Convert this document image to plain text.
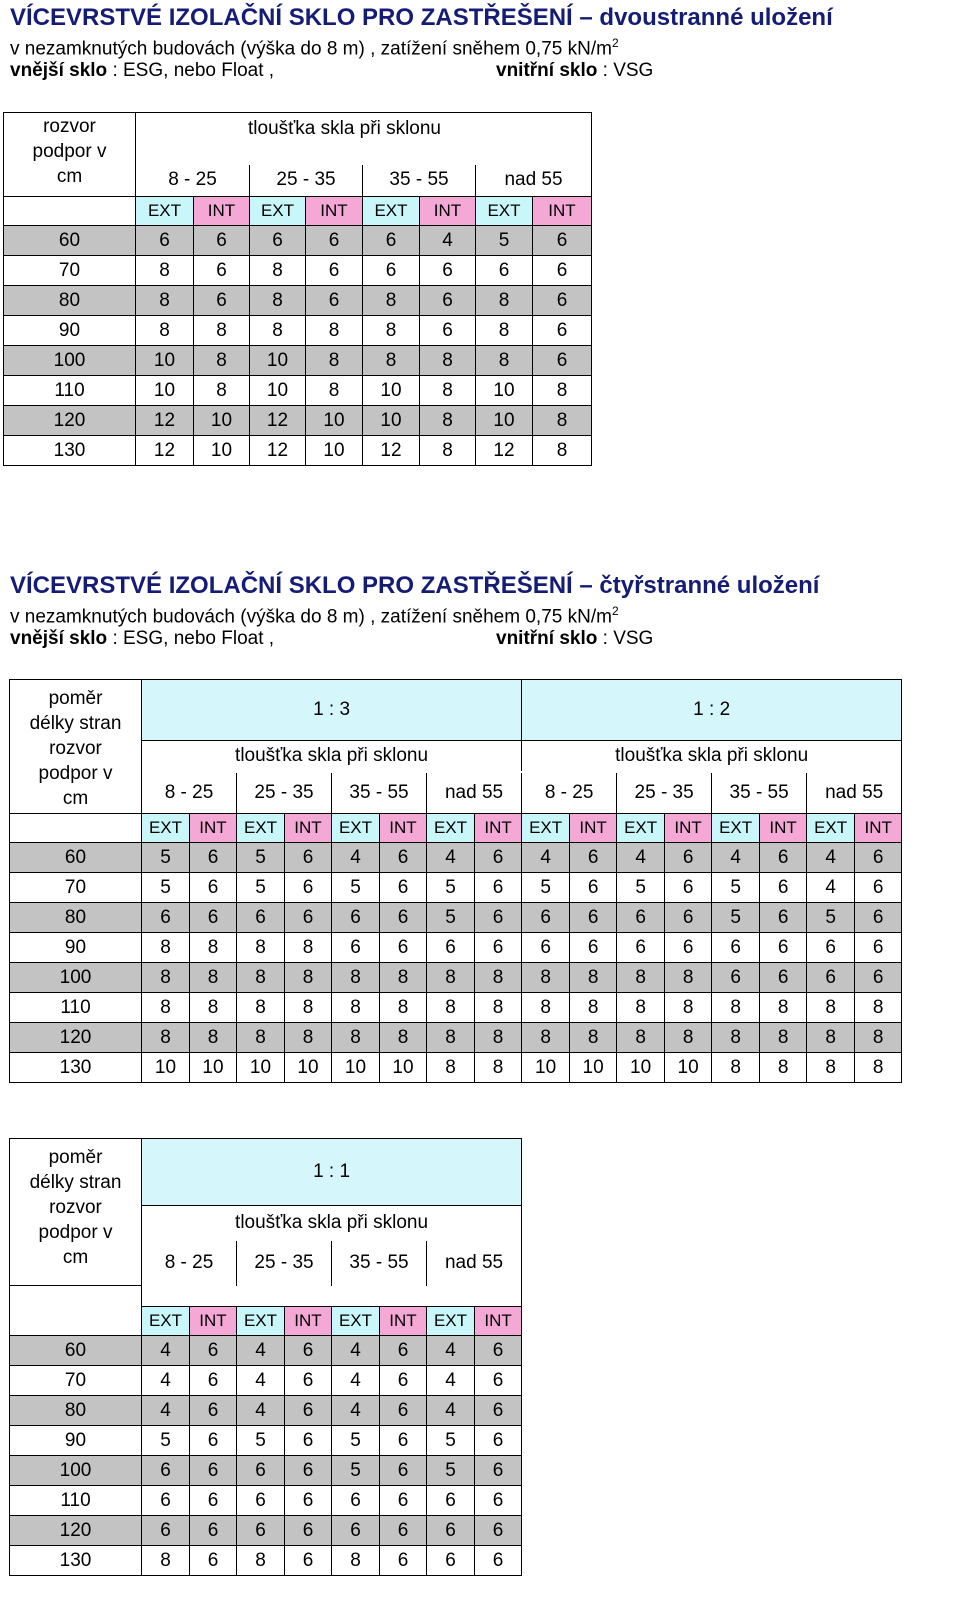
VÍCEVRSTVÉ IZOLAČNÍ SKLO PRO ZASTŘEŠENÍ – dvoustranné uložení
v nezamknutých budovách (výška do 8 m) , zatížení sněhem 0,75 $kN/m^2$
vnější sklo : ESG, nebo Float ,	vnitřní sklo : VSG
rozvor
podpor v
cm	tloušťka skla při sklonu							

	8 - 25		25 - 35		35 - 55		nad 55	
	EXT	INT	EXT	INT	EXT	INT	EXT	INT
60	6	6	6	6	6	4	5	6
70	8	6	8	6	6	6	6	6
80	8	6	8	6	8	6	8	6
90	8	8	8	8	8	6	8	6
100	10	8	10	8	8	8	8	6
110	10	8	10	8	10	8	10	8
120	12	10	12	10	10	8	10	8
130	12	10	12	10	12	8	12	8
VÍCEVRSTVÉ IZOLAČNÍ SKLO PRO ZASTŘEŠENÍ – čtyřstranné uložení
v nezamknutých budovách (výška do 8 m) , zatížení sněhem 0,75 $kN/m^2$
vnější sklo : ESG, nebo Float ,	vnitřní sklo : VSG
poměr
délky stran
rozvor
podpor v
cm	1 : 3								1 : 2							
	tloušťka skla při sklonu								tloušťka skla při sklonu							

	8 - 25		25 - 35		35 - 55		nad 55		8 - 25		25 - 35		35 - 55		nad 55	
	EXT	INT	EXT	INT	EXT	INT	EXT	INT	EXT	INT	EXT	INT	EXT	INT	EXT	INT
60	5	6	5	6	4	6	4	6	4	6	4	6	4	6	4	6
70	5	6	5	6	5	6	5	6	5	6	5	6	5	6	4	6
80	6	6	6	6	6	6	5	6	6	6	6	6	5	6	5	6
90	8	8	8	8	6	6	6	6	6	6	6	6	6	6	6	6
100	8	8	8	8	8	8	8	8	8	8	8	8	6	6	6	6
110	8	8	8	8	8	8	8	8	8	8	8	8	8	8	8	8
120	8	8	8	8	8	8	8	8	8	8	8	8	8	8	8	8
130	10	10	10	10	10	10	8	8	10	10	10	10	8	8	8	8
poměr
délky stran
rozvor
podpor v
cm	1 : 1							
	tloušťka skla při sklonu							

	8 - 25		25 - 35		35 - 55		nad 55	

	EXT	INT	EXT	INT	EXT	INT	EXT	INT
60	4	6	4	6	4	6	4	6
70	4	6	4	6	4	6	4	6
80	4	6	4	6	4	6	4	6
90	5	6	5	6	5	6	5	6
100	6	6	6	6	5	6	5	6
110	6	6	6	6	6	6	6	6
120	6	6	6	6	6	6	6	6
130	8	6	8	6	8	6	6	6
